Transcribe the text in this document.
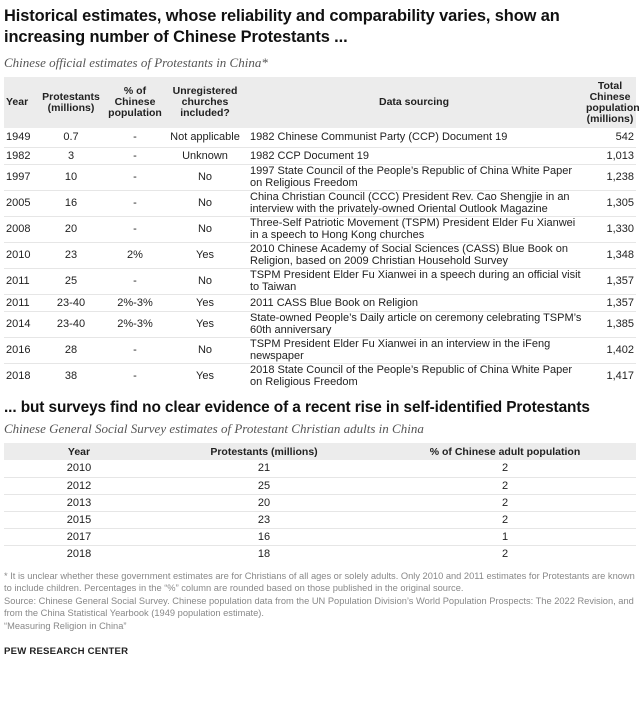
Historical estimates, whose reliability and comparability varies, show an increasing number of Chinese Protestants ...
Chinese official estimates of Protestants in China*
Year	Protestants (millions)	% of Chinese population	Unregistered churches included?	Data sourcing	Total Chinese population (millions)
1949	0.7	-	Not applicable	1982 Chinese Communist Party (CCP) Document 19	542
1982	3	-	Unknown	1982 CCP Document 19	1,013
1997	10	-	No	1997 State Council of the People’s Republic of China White Paper on Religious Freedom	1,238
2005	16	-	No	China Christian Council (CCC) President Rev. Cao Shengjie in an interview with the privately-owned Oriental Outlook Magazine	1,305
2008	20	-	No	Three-Self Patriotic Movement (TSPM) President Elder Fu Xianwei in a speech to Hong Kong churches	1,330
2010	23	2%	Yes	2010 Chinese Academy of Social Sciences (CASS) Blue Book on Religion, based on 2009 Christian Household Survey	1,348
2011	25	-	No	TSPM President Elder Fu Xianwei in a speech during an official visit to Taiwan	1,357
2011	23-40	2%-3%	Yes	2011 CASS Blue Book on Religion	1,357
2014	23-40	2%-3%	Yes	State-owned People’s Daily article on ceremony celebrating TSPM’s 60th anniversary	1,385
2016	28	-	No	TSPM President Elder Fu Xianwei in an interview in the iFeng newspaper	1,402
2018	38	-	Yes	2018 State Council of the People’s Republic of China White Paper on Religious Freedom	1,417
... but surveys find no clear evidence of a recent rise in self-identified Protestants
Chinese General Social Survey estimates of Protestant Christian adults in China
Year	Protestants (millions)	% of Chinese adult population
2010	21	2
2012	25	2
2013	20	2
2015	23	2
2017	16	1
2018	18	2

* It is unclear whether these government estimates are for Christians of all ages or solely adults. Only 2010 and 2011 estimates for Protestants are known to include children. Percentages in the “%” column are rounded based on those published in the original source.

Source: Chinese General Social Survey. Chinese population data from the UN Population Division’s World Population Prospects: The 2022 Revision, and from the China Statistical Yearbook (1949 population estimate).

“Measuring Religion in China”

PEW RESEARCH CENTER
